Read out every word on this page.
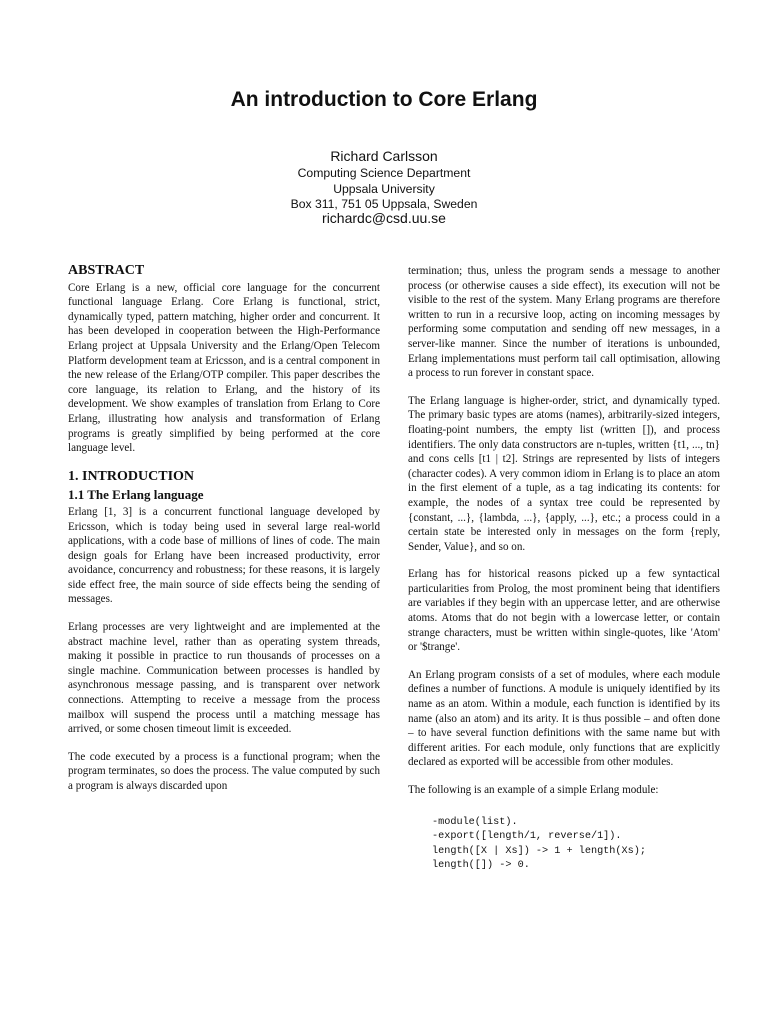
An introduction to Core Erlang
Richard Carlsson
Computing Science Department
Uppsala University
Box 311, 751 05 Uppsala, Sweden
richardc@csd.uu.se
ABSTRACT

Core Erlang is a new, official core language for the concurrent functional language Erlang. Core Erlang is functional, strict, dynamically typed, pattern matching, higher order and concurrent. It has been developed in cooperation between the High-Performance Erlang project at Uppsala University and the Erlang/Open Telecom Platform development team at Ericsson, and is a central component in the new release of the Erlang/OTP compiler. This paper describes the core language, its relation to Erlang, and the history of its development. We show examples of translation from Erlang to Core Erlang, illustrating how analysis and transformation of Erlang programs is greatly simplified by being performed at the core language level.

1. INTRODUCTION
1.1 The Erlang language

Erlang [1, 3] is a concurrent functional language developed by Ericsson, which is today being used in several large real-world applications, with a code base of millions of lines of code. The main design goals for Erlang have been increased productivity, error avoidance, concurrency and robustness; for these reasons, it is largely side effect free, the main source of side effects being the sending of messages.

Erlang processes are very lightweight and are implemented at the abstract machine level, rather than as operating system threads, making it possible in practice to run thousands of processes on a single machine. Communication between processes is handled by asynchronous message passing, and is transparent over network connections. Attempting to receive a message from the process mailbox will suspend the process until a matching message has arrived, or some chosen timeout limit is exceeded.

The code executed by a process is a functional program; when the program terminates, so does the process. The value computed by such a program is always discarded upon

termination; thus, unless the program sends a message to another process (or otherwise causes a side effect), its execution will not be visible to the rest of the system. Many Erlang programs are therefore written to run in a recursive loop, acting on incoming messages by performing some computation and sending off new messages, in a server-like manner. Since the number of iterations is unbounded, Erlang implementations must perform tail call optimisation, allowing a process to run forever in constant space.

The Erlang language is higher-order, strict, and dynamically typed. The primary basic types are atoms (names), arbitrarily-sized integers, floating-point numbers, the empty list (written []), and process identifiers. The only data constructors are n-tuples, written {t1, ..., tn} and cons cells [t1 | t2]. Strings are represented by lists of integers (character codes). A very common idiom in Erlang is to place an atom in the first element of a tuple, as a tag indicating its contents: for example, the nodes of a syntax tree could be represented by {constant, ...}, {lambda, ...}, {apply, ...}, etc.; a process could in a certain state be interested only in messages on the form {reply, Sender, Value}, and so on.

Erlang has for historical reasons picked up a few syntactical particularities from Prolog, the most prominent being that identifiers are variables if they begin with an uppercase letter, and are otherwise atoms. Atoms that do not begin with a lowercase letter, or contain strange characters, must be written within single-quotes, like 'Atom' or '$trange'.

An Erlang program consists of a set of modules, where each module defines a number of functions. A module is uniquely identified by its name as an atom. Within a module, each function is identified by its name (also an atom) and its arity. It is thus possible – and often done – to have several function definitions with the same name but with different arities. For each module, only functions that are explicitly declared as exported will be accessible from other modules.

The following is an example of a simple Erlang module:

-module(list).
-export([length/1, reverse/1]).
length([X | Xs]) -> 1 + length(Xs);
length([]) -> 0.
